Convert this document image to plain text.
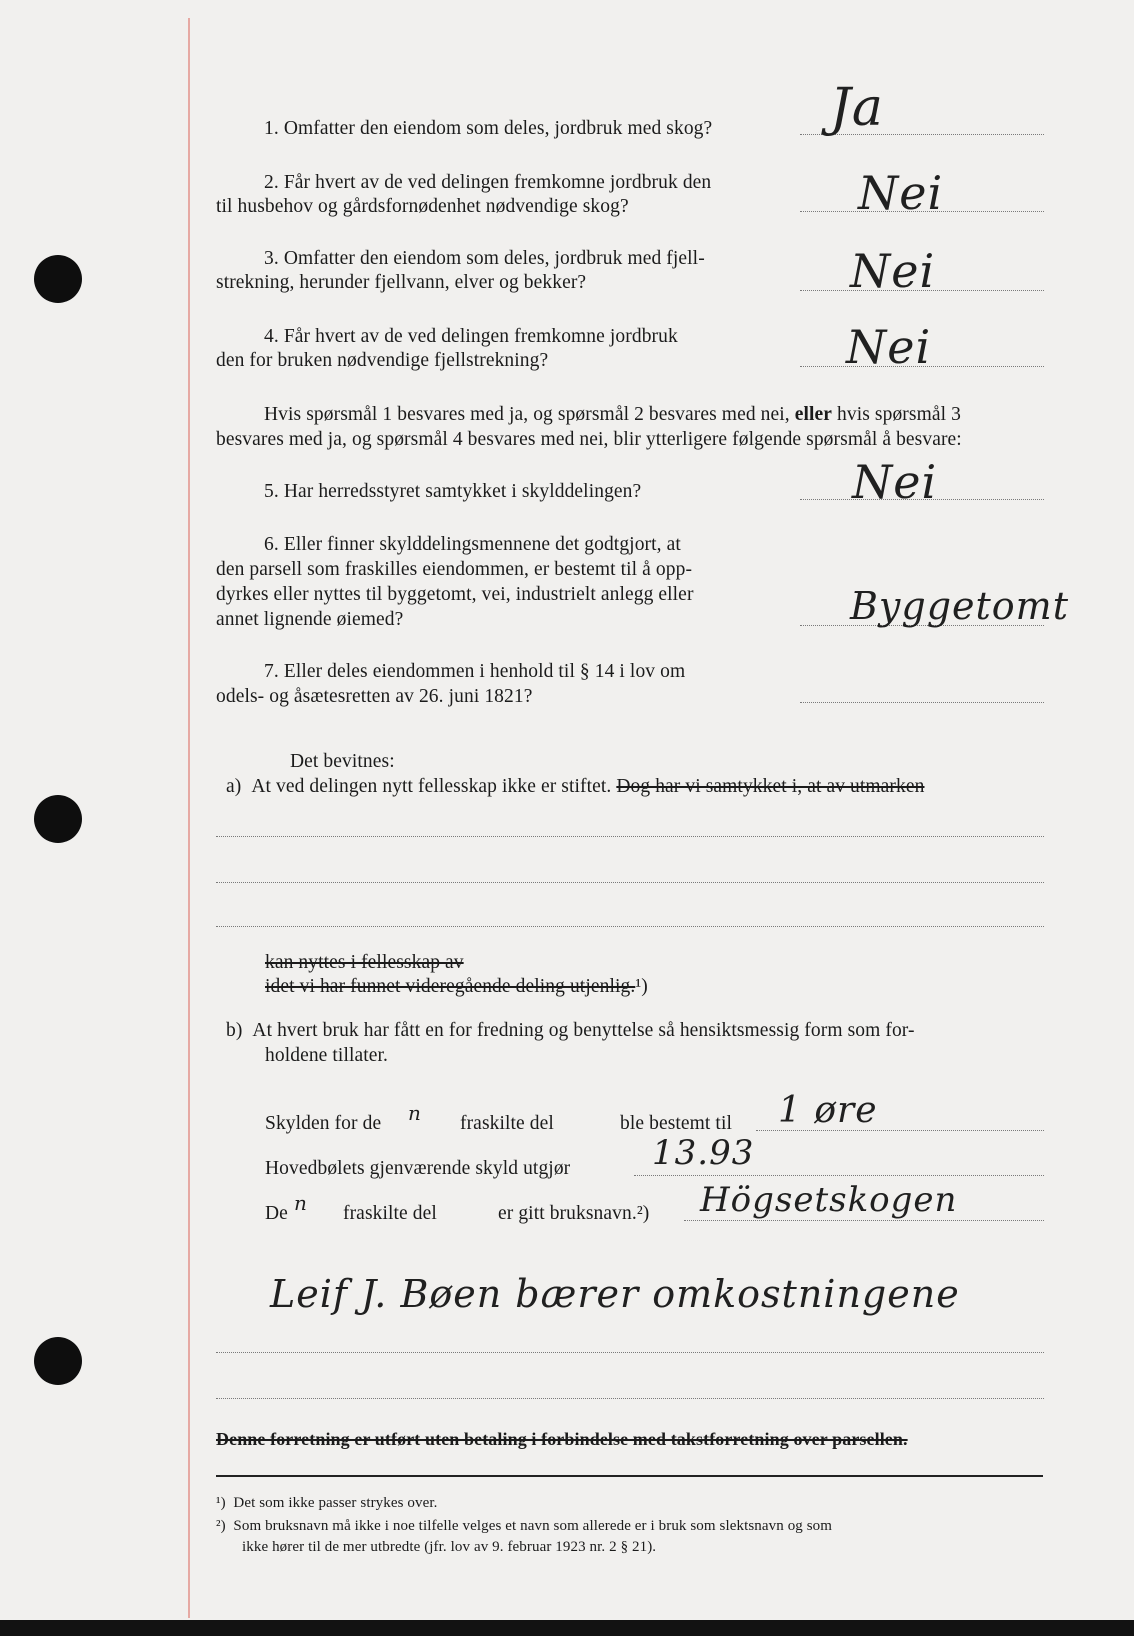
1. Omfatter den eiendom som deles, jordbruk med skog? Ja
2. Får hvert av de ved delingen fremkomne jordbruk den
til husbehov og gårdsfornødenhet nødvendige skog?	Nei
3. Omfatter den eiendom som deles, jordbruk med fjell-
strekning, herunder fjellvann, elver og bekker?	Nei
4. Får hvert av de ved delingen fremkomne jordbruk
den for bruken nødvendige fjellstrekning?	Nei
Hvis spørsmål 1 besvares med ja, og spørsmål 2 besvares med nei, eller hvis spørsmål 3
besvares med ja, og spørsmål 4 besvares med nei, blir ytterligere følgende spørsmål å besvare:
5. Har herredsstyret samtykket i skylddelingen?	Nei
6. Eller finner skylddelingsmennene det godtgjort, at
den parsell som fraskilles eiendommen, er bestemt til å opp-
dyrkes eller nyttes til byggetomt, vei, industrielt anlegg eller
annet lignende øiemed?	Byggetomt
7. Eller deles eiendommen i henhold til § 14 i lov om
odels- og åsætesretten av 26. juni 1821?
Det bevitnes:
a) At ved delingen nytt fellesskap ikke er stiftet. Dog har vi samtykket i, at av utmarken
kan nyttes i fellesskap av
idet vi har funnet videregående deling utjenlig.¹)
b) At hvert bruk har fått en for fredning og benyttelse så hensiktsmessig form som for-
holdene tillater.
Skylden for de n fraskilte del	ble bestemt til 1 øre
Hovedbølets gjenværende skyld utgjør 13.93
De n fraskilte del	er gitt bruksnavn.²) Högsetskogen
Leif J. Bøen bærer omkostningene
Denne forretning er utført uten betaling i forbindelse med takstforretning over parsellen.
¹) Det som ikke passer strykes over.
²) Som bruksnavn må ikke i noe tilfelle velges et navn som allerede er i bruk som slektsnavn og som
ikke hører til de mer utbredte (jfr. lov av 9. februar 1923 nr. 2 § 21).
